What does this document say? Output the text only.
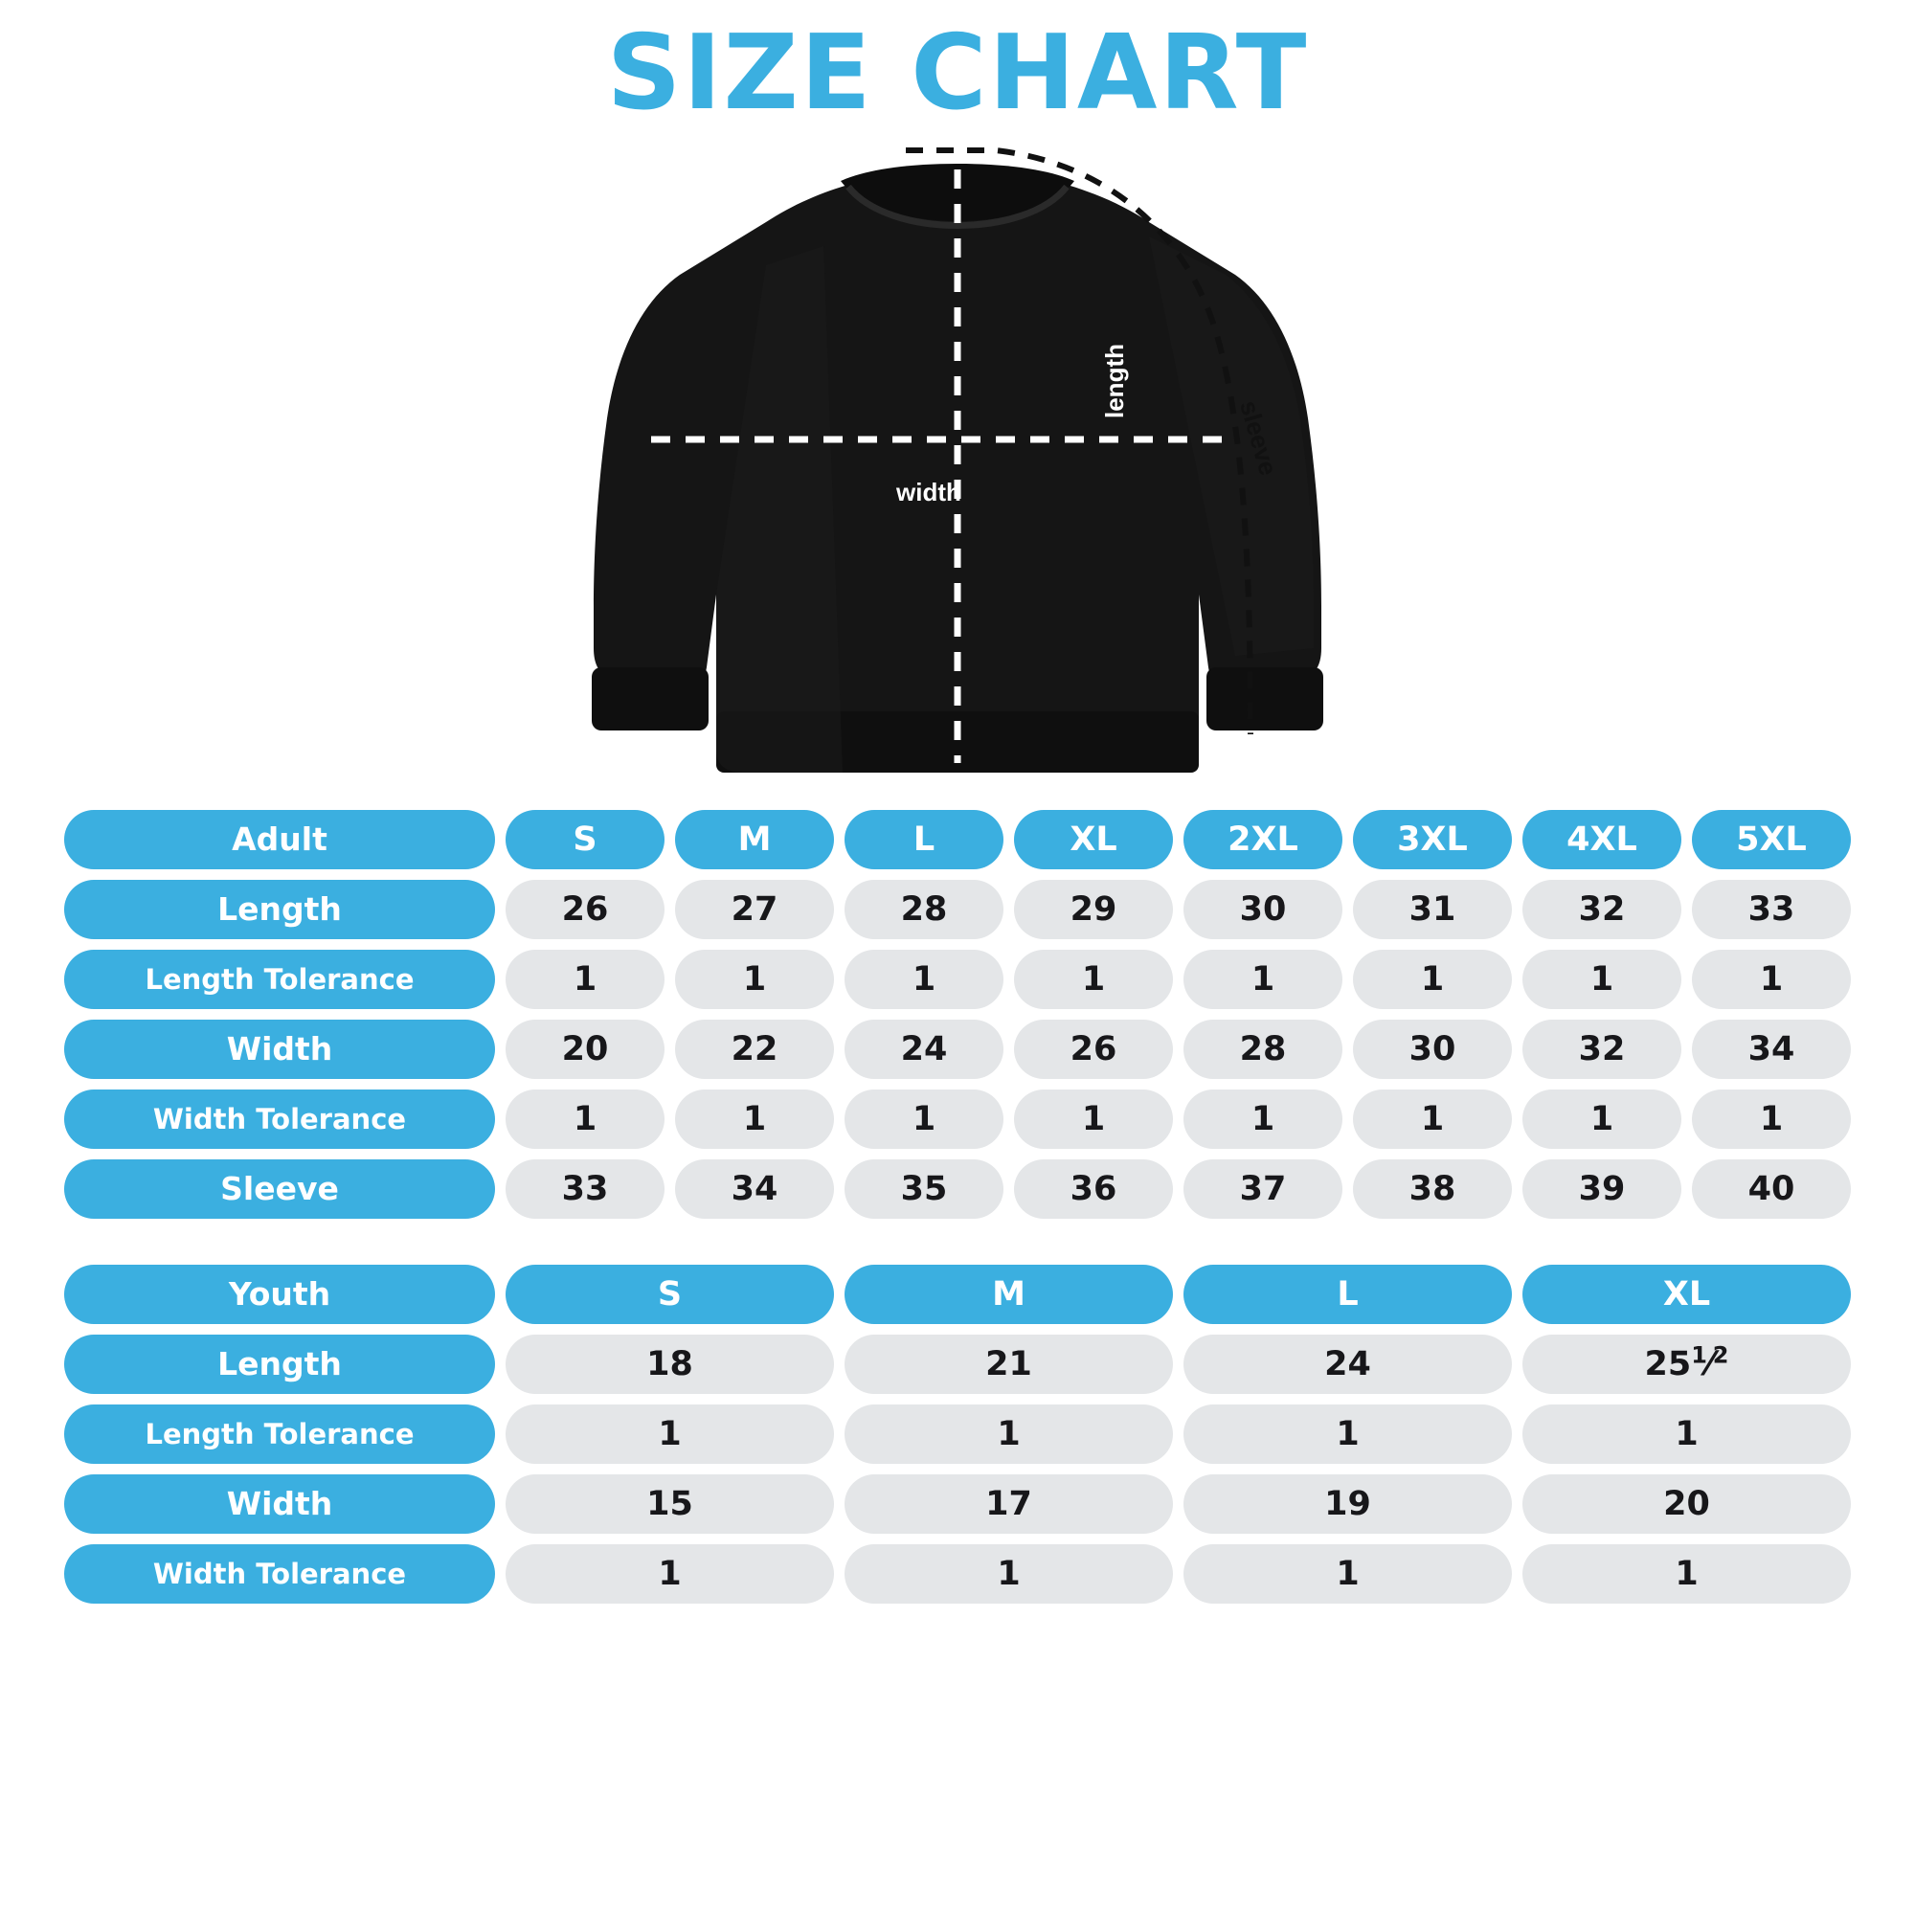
SIZE CHART
width
length
sleeve
Adult	S	M	L	XL	2XL	3XL	4XL	5XL
Length	26	27	28	29	30	31	32	33
Length Tolerance	1	1	1	1	1	1	1	1
Width	20	22	24	26	28	30	32	34
Width Tolerance	1	1	1	1	1	1	1	1
Sleeve	33	34	35	36	37	38	39	40
Youth	S	M	L	XL
Length	18	21	24	$25^1⁄^2$
Length Tolerance	1	1	1	1
Width	15	17	19	20
Width Tolerance	1	1	1	1
